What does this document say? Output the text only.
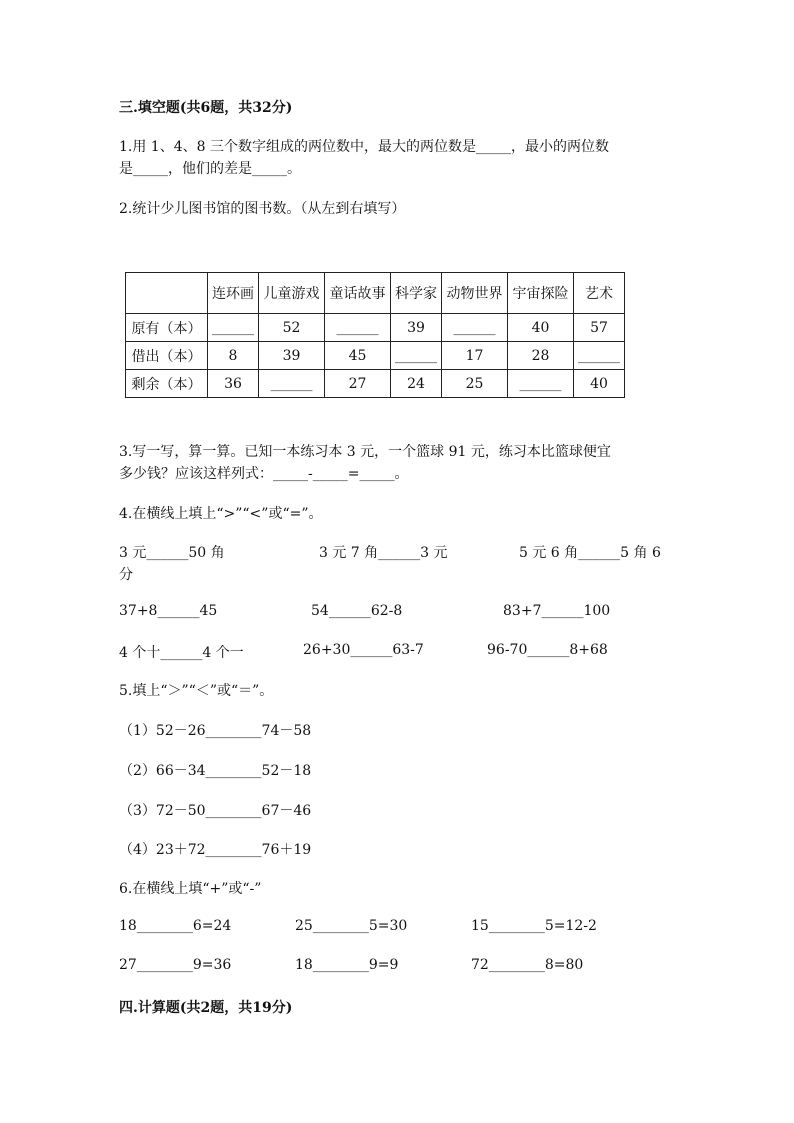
三.填空题(共6题，共32分)
1.用 1、4、8 三个数字组成的两位数中，最大的两位数是_____，最小的两位数
是_____，他们的差是_____。
2.统计少儿图书馆的图书数。（从左到右填写）
	连环画	儿童游戏	童话故事	科学家	动物世界	宇宙探险	艺术
原有（本）	______	52	______	39	______	40	57
借出（本）	8	39	45	______	17	28	______
剩余（本）	36	______	27	24	25	______	40
3.写一写，算一算。已知一本练习本 3 元，一个篮球 91 元，练习本比篮球便宜
多少钱？应该这样列式：_____-_____=_____。
4.在横线上填上“>”“<”或“=”。
3 元______50 角	3 元 7 角______3 元	5 元 6 角______5 角 6
分
37+8______45	54______62-8	83+7______100
4 个十______4 个一	26+30______63-7	96-70______8+68
5.填上“＞”“＜”或“＝”。
（1）52－26________74－58
（2）66－34________52－18
（3）72－50________67－46
（4）23＋72________76＋19
6.在横线上填“+”或“-”
18________6=24	25________5=30	15________5=12-2
27________9=36	18________9=9	72________8=80
四.计算题(共2题，共19分)
